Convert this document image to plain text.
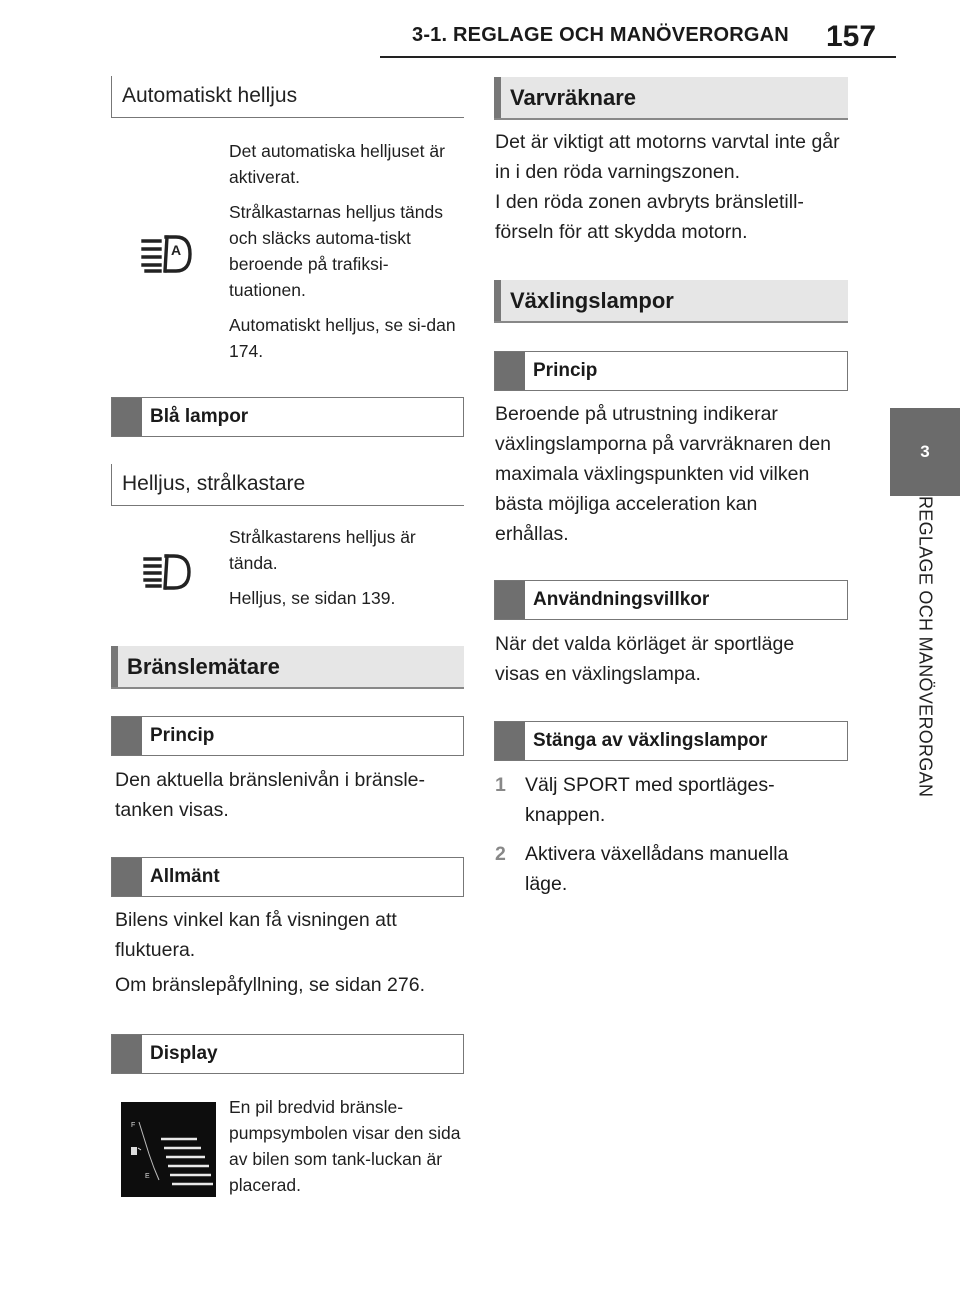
3-1. REGLAGE OCH MANÖVERORGAN 157
3
REGLAGE OCH MANÖVERORGAN
Automatiskt helljus
A

Det automatiska helljuset är aktiverat.

Strålkastarnas helljus tänds och släcks automa-tiskt beroende på trafiksi-tuationen.

Automatiskt helljus, se si-dan 174.

Blå lampor
Helljus, strålkastare

Strålkastarens helljus är tända.

Helljus, se sidan 139.

Bränslemätare
Princip

Den aktuella bränslenivån i bränsle-tanken visas.

Allmänt

Bilens vinkel kan få visningen att fluktuera.

Om bränslepåfyllning, se sidan 276.

Display
F
E

En pil bredvid bränsle-pumpsymbolen visar den sida av bilen som tank-luckan är placerad.

Varvräknare

Det är viktigt att motorns varvtal inte går in i den röda varningszonen.

I den röda zonen avbryts bränsletill-förseln för att skydda motorn.

Växlingslampor
Princip

Beroende på utrustning indikerar växlingslamporna på varvräknaren den maximala växlingspunkten vid vilken bästa möjliga acceleration kan erhållas.

Användningsvillkor

När det valda körläget är sportläge visas en växlingslampa.

Stänga av växlingslampor
1 Välj SPORT med sportläges-knappen.
2 Aktivera växellådans manuella läge.
